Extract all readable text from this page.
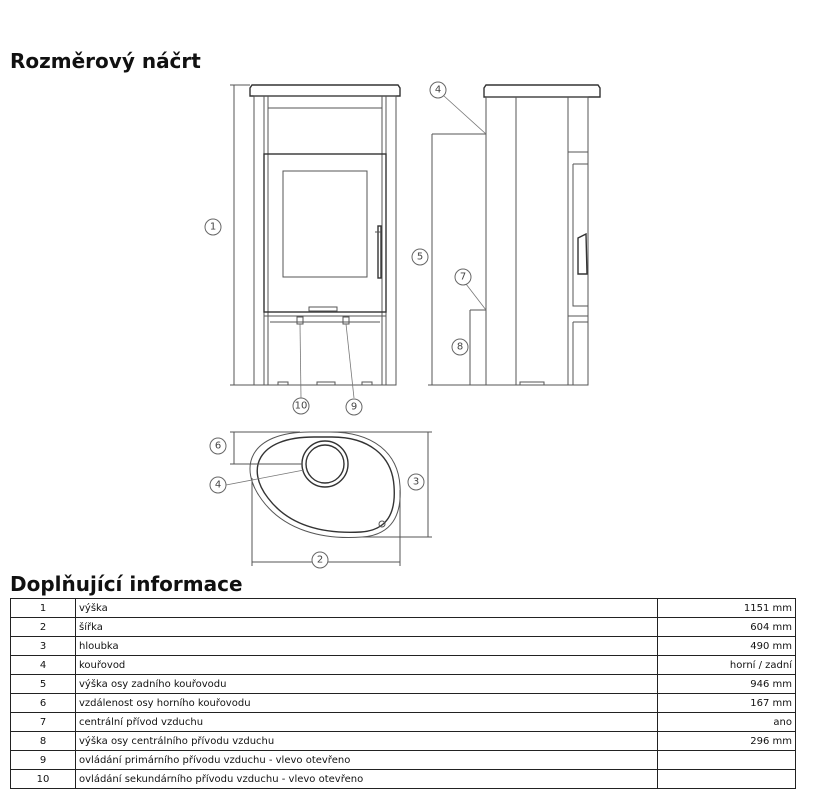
Rozměrový náčrt
1
4
5
7
8
10	9
6
4	3
2
Doplňující informace
1	výška	1151 mm
2	šířka	604 mm
3	hloubka	490 mm
4	kouřovod	horní / zadní
5	výška osy zadního kouřovodu	946 mm
6	vzdálenost osy horního kouřovodu	167 mm
7	centrální přívod vzduchu	ano
8	výška osy centrálního přívodu vzduchu	296 mm
9	ovládání primárního přívodu vzduchu - vlevo otevřeno	
10	ovládání sekundárního přívodu vzduchu - vlevo otevřeno	
